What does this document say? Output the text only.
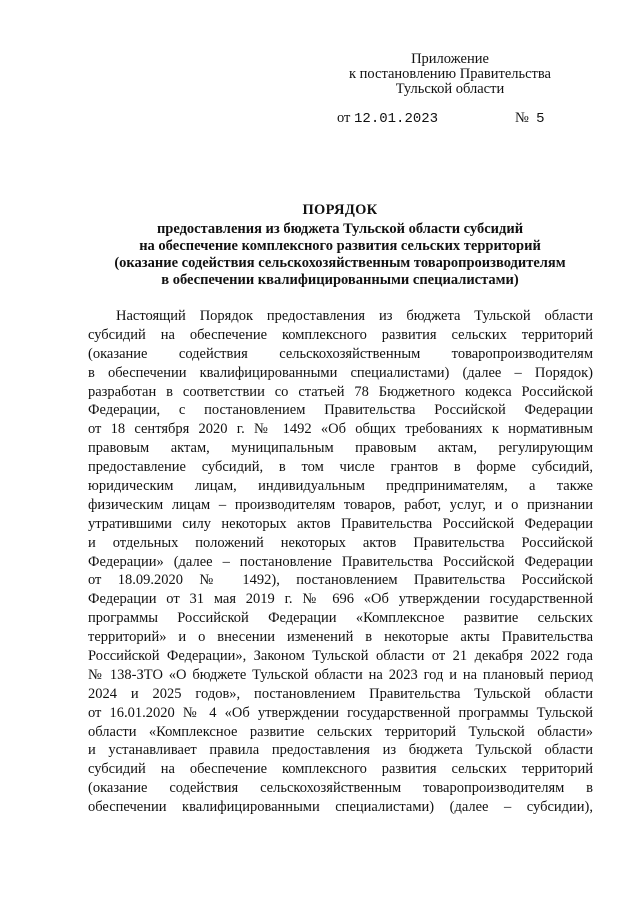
Приложение
к постановлению Правительства
Тульской области
от 12.01.2023	№ 5
ПОРЯДОК
предоставления из бюджета Тульской области субсидий
на обеспечение комплексного развития сельских территорий
(оказание содействия сельскохозяйственным товаропроизводителям
в обеспечении квалифицированными специалистами)
Настоящий Порядок предоставления из бюджета Тульской области
субсидий на обеспечение комплексного развития сельских территорий
(оказание содействия сельскохозяйственным товаропроизводителям
в обеспечении квалифицированными специалистами) (далее – Порядок)
разработан в соответствии со статьей 78 Бюджетного кодекса Российской
Федерации, с постановлением Правительства Российской Федерации
от 18 сентября 2020 г. № 1492 «Об общих требованиях к нормативным
правовым актам, муниципальным правовым актам, регулирующим
предоставление субсидий, в том числе грантов в форме субсидий,
юридическим лицам, индивидуальным предпринимателям, а также
физическим лицам – производителям товаров, работ, услуг, и о признании
утратившими силу некоторых актов Правительства Российской Федерации
и отдельных положений некоторых актов Правительства Российской
Федерации» (далее – постановление Правительства Российской Федерации
от 18.09.2020 № 1492), постановлением Правительства Российской
Федерации от 31 мая 2019 г. № 696 «Об утверждении государственной
программы Российской Федерации «Комплексное развитие сельских
территорий» и о внесении изменений в некоторые акты Правительства
Российской Федерации», Законом Тульской области от 21 декабря 2022 года
№ 138-ЗТО «О бюджете Тульской области на 2023 год и на плановый период
2024 и 2025 годов», постановлением Правительства Тульской области
от 16.01.2020 № 4 «Об утверждении государственной программы Тульской
области «Комплексное развитие сельских территорий Тульской области»
и устанавливает правила предоставления из бюджета Тульской области
субсидий на обеспечение комплексного развития сельских территорий
(оказание содействия сельскохозяйственным товаропроизводителям в
обеспечении квалифицированными специалистами) (далее – субсидии),
